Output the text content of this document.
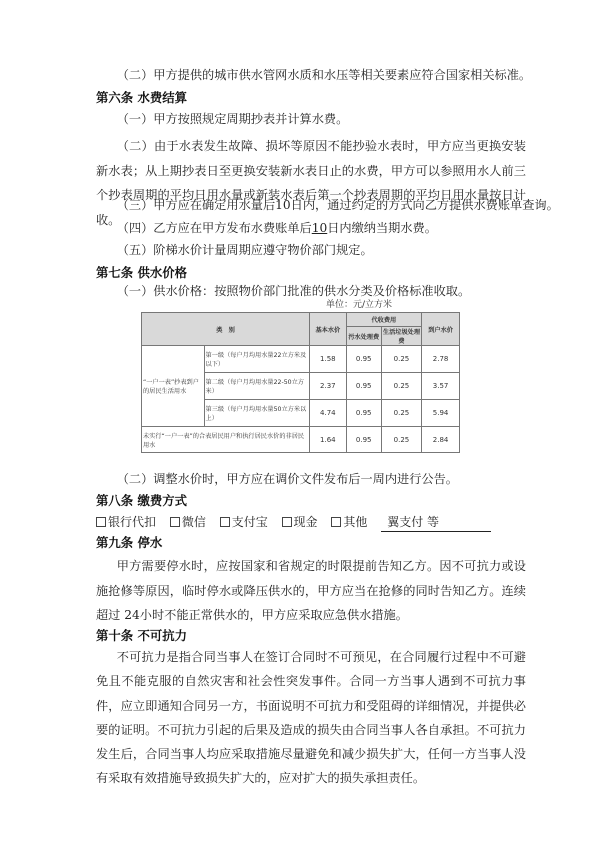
（二）甲方提供的城市供水管网水质和水压等相关要素应符合国家相关标准。
第六条 水费结算
（一）甲方按照规定周期抄表并计算水费。
（二）由于水表发生故障、损坏等原因不能抄验水表时，甲方应当更换安装新水表；从上期抄表日至更换安装新水表日止的水费，甲方可以参照用水人前三个抄表周期的平均日用水量或新装水表后第一个抄表周期的平均日用水量按日计收。
（三）甲方应在确定用水量后10日内，通过约定的方式向乙方提供水费账单查询。
（四）乙方应在甲方发布水费账单后10日内缴纳当期水费。
（五）阶梯水价计量周期应遵守物价部门规定。
第七条 供水价格
（一）供水价格：按照物价部门批准的供水分类及价格标准收取。
单位：元/立方米
类　别		基本水价	代收费用		到户水价
			污水处理费	生活垃圾处理费	
“一户一表”抄表到户的居民生活用水	第一级（每户月均用水量22立方米及以下）	1.58	0.95	0.25	2.78
	第二级（每户月均用水量22-50立方米）	2.37	0.95	0.25	3.57
	第三级（每户月均用水量50立方米以上）	4.74	0.95	0.25	5.94
未实行“一户一表”的合表居民用户和执行居民水价的非居民用水		1.64	0.95	0.25	2.84
（二）调整水价时，甲方应在调价文件发布后一周内进行公告。
第八条 缴费方式
银行代扣 微信 支付宝 现金 其他 翼支付 等
第九条 停水
甲方需要停水时，应按国家和省规定的时限提前告知乙方。因不可抗力或设施抢修等原因，临时停水或降压供水的，甲方应当在抢修的同时告知乙方。连续超过 24小时不能正常供水的，甲方应采取应急供水措施。
第十条 不可抗力
不可抗力是指合同当事人在签订合同时不可预见，在合同履行过程中不可避免且不能克服的自然灾害和社会性突发事件。合同一方当事人遇到不可抗力事件，应立即通知合同另一方，书面说明不可抗力和受阻碍的详细情况，并提供必要的证明。不可抗力引起的后果及造成的损失由合同当事人各自承担。不可抗力发生后，合同当事人均应采取措施尽量避免和减少损失扩大，任何一方当事人没有采取有效措施导致损失扩大的，应对扩大的损失承担责任。
